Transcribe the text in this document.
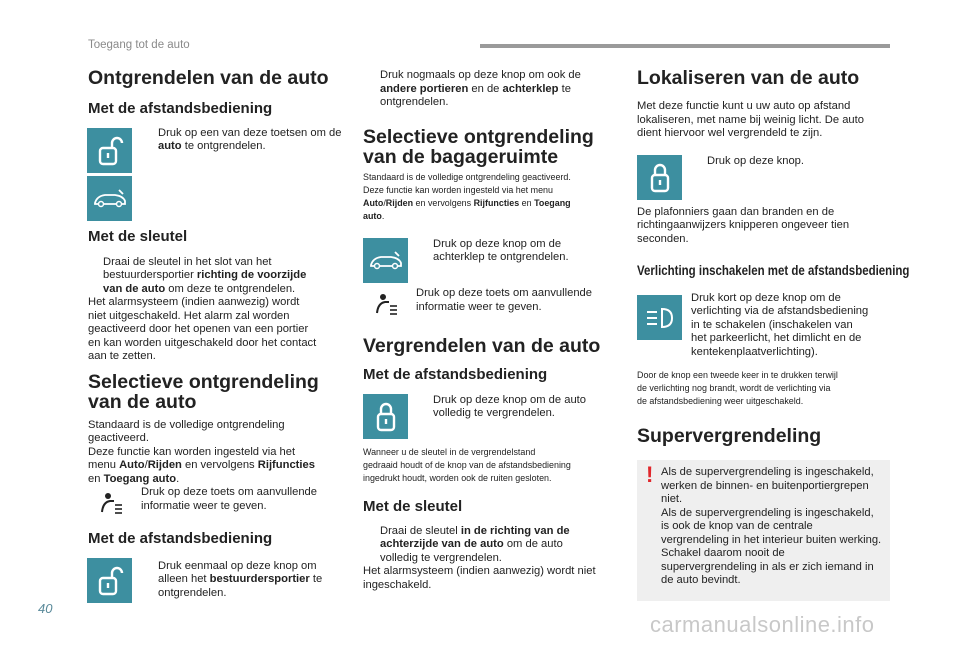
Toegang tot de auto
Ontgrendelen van de auto
Met de afstandsbediening
Druk op een van deze toetsen om de auto te ontgrendelen.
Met de sleutel
Draai de sleutel in het slot van het
bestuurdersportier richting de voorzijde
van de auto om deze te ontgrendelen.
Het alarmsysteem (indien aanwezig) wordt
niet uitgeschakeld. Het alarm zal worden
geactiveerd door het openen van een portier
en kan worden uitgeschakeld door het contact
aan te zetten.
Selectieve ontgrendeling
van de auto
Standaard is de volledige ontgrendeling
geactiveerd.
Deze functie kan worden ingesteld via het
menu Auto/Rijden en vervolgens Rijfuncties
en Toegang auto.
Druk op deze toets om aanvullende
informatie weer te geven.
Met de afstandsbediening
Druk eenmaal op deze knop om
alleen het bestuurdersportier te
ontgrendelen.
Druk nogmaals op deze knop om ook de
andere portieren en de achterklep te
ontgrendelen.
Selectieve ontgrendeling
van de bagageruimte
Standaard is de volledige ontgrendeling geactiveerd.
Deze functie kan worden ingesteld via het menu
Auto/Rijden en vervolgens Rijfuncties en Toegang
auto.
Druk op deze knop om de
achterklep te ontgrendelen.
Druk op deze toets om aanvullende
informatie weer te geven.
Vergrendelen van de auto
Met de afstandsbediening
Druk op deze knop om de auto
volledig te vergrendelen.
Wanneer u de sleutel in de vergrendelstand
gedraaid houdt of de knop van de afstandsbediening
ingedrukt houdt, worden ook de ruiten gesloten.
Met de sleutel
Draai de sleutel in de richting van de
achterzijde van de auto om de auto
volledig te vergrendelen.
Het alarmsysteem (indien aanwezig) wordt niet
ingeschakeld.
Lokaliseren van de auto
Met deze functie kunt u uw auto op afstand
lokaliseren, met name bij weinig licht. De auto
dient hiervoor wel vergrendeld te zijn.
Druk op deze knop.
De plafonniers gaan dan branden en de
richtingaanwijzers knipperen ongeveer tien
seconden.
Verlichting inschakelen met de afstandsbediening
Druk kort op deze knop om de
verlichting via de afstandsbediening
in te schakelen (inschakelen van
het parkeerlicht, het dimlicht en de
kentekenplaatverlichting).
Door de knop een tweede keer in te drukken terwijl
de verlichting nog brandt, wordt de verlichting via
de afstandsbediening weer uitgeschakeld.
Supervergrendeling
! Als de supervergrendeling is ingeschakeld,
werken de binnen- en buitenportiergrepen
niet.
Als de supervergrendeling is ingeschakeld,
is ook de knop van de centrale
vergrendeling in het interieur buiten werking.
Schakel daarom nooit de
supervergrendeling in als er zich iemand in
de auto bevindt.
40
carmanualsonline.info
